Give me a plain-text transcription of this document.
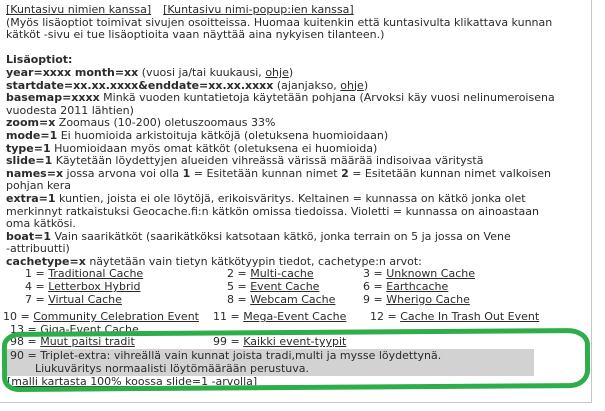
[Kuntasivu nimien kanssa] [Kuntasivu nimi-popup:ien kanssa]
(Myös lisäoptiot toimivat sivujen osoitteissa. Huomaa kuitenkin että kuntasivulta klikattava kunnan
kätköt -sivu ei tue lisäoptioita vaan näyttää aina nykyisen tilanteen.)
Lisäoptiot:
year=xxxx month=xx (vuosi ja/tai kuukausi, ohje)
startdate=xx.xx.xxxx&enddate=xx.xx.xxxx (ajanjakso, ohje)
basemap=xxxx Minkä vuoden kuntatietoja käytetään pohjana (Arvoksi käy vuosi nelinumeroisena
vuodesta 2011 lähtien)
zoom=x Zoomaus (10-200) oletuszoomaus 33%
mode=1 Ei huomioida arkistoituja kätköjä (oletuksena huomioidaan)
type=1 Huomioidaan myös omat kätköt (oletuksena ei huomioida)
slide=1 Käytetään löydettyjen alueiden vihreässä värissä määrää indisoivaa väritystä
names=x jossa arvona voi olla 1 = Esitetään kunnan nimet 2 = Esitetään kunnan nimet valkoisen
pohjan kera
extra=1 kuntien, joista ei ole löytöjä, erikoisväritys. Keltainen = kunnassa on kätkö jonka olet
merkinnyt ratkaistuksi Geocache.fi:n kätkön omissa tiedoissa. Violetti = kunnassa on ainoastaan
oma kätkösi.
boat=1 Vain saarikätköt (saarikätköksi katsotaan kätkö, jonka terrain on 5 ja jossa on Vene
-attribuutti)
cachetype=x näytetään vain tietyn kätkötyypin tiedot, cachetype:n arvot:
1 = Traditional Cache	2 = Multi-cache	3 = Unknown Cache
4 = Letterbox Hybrid	5 = Event Cache	6 = Earthcache
7 = Virtual Cache	8 = Webcam Cache	9 = Wherigo Cache
10 = Community Celebration Event	11 = Mega-Event Cache	12 = Cache In Trash Out Event
13 = Giga-Event Cache
98 = Muut paitsi tradit	99 = Kaikki event-tyypit
90 = Triplet-extra: vihreällä vain kunnat joista tradi,multi ja mysse löydettynä.
Liukuväritys normaalisti löytömäärään perustuva.
[malli kartasta 100% koossa slide=1 -arvolla]
